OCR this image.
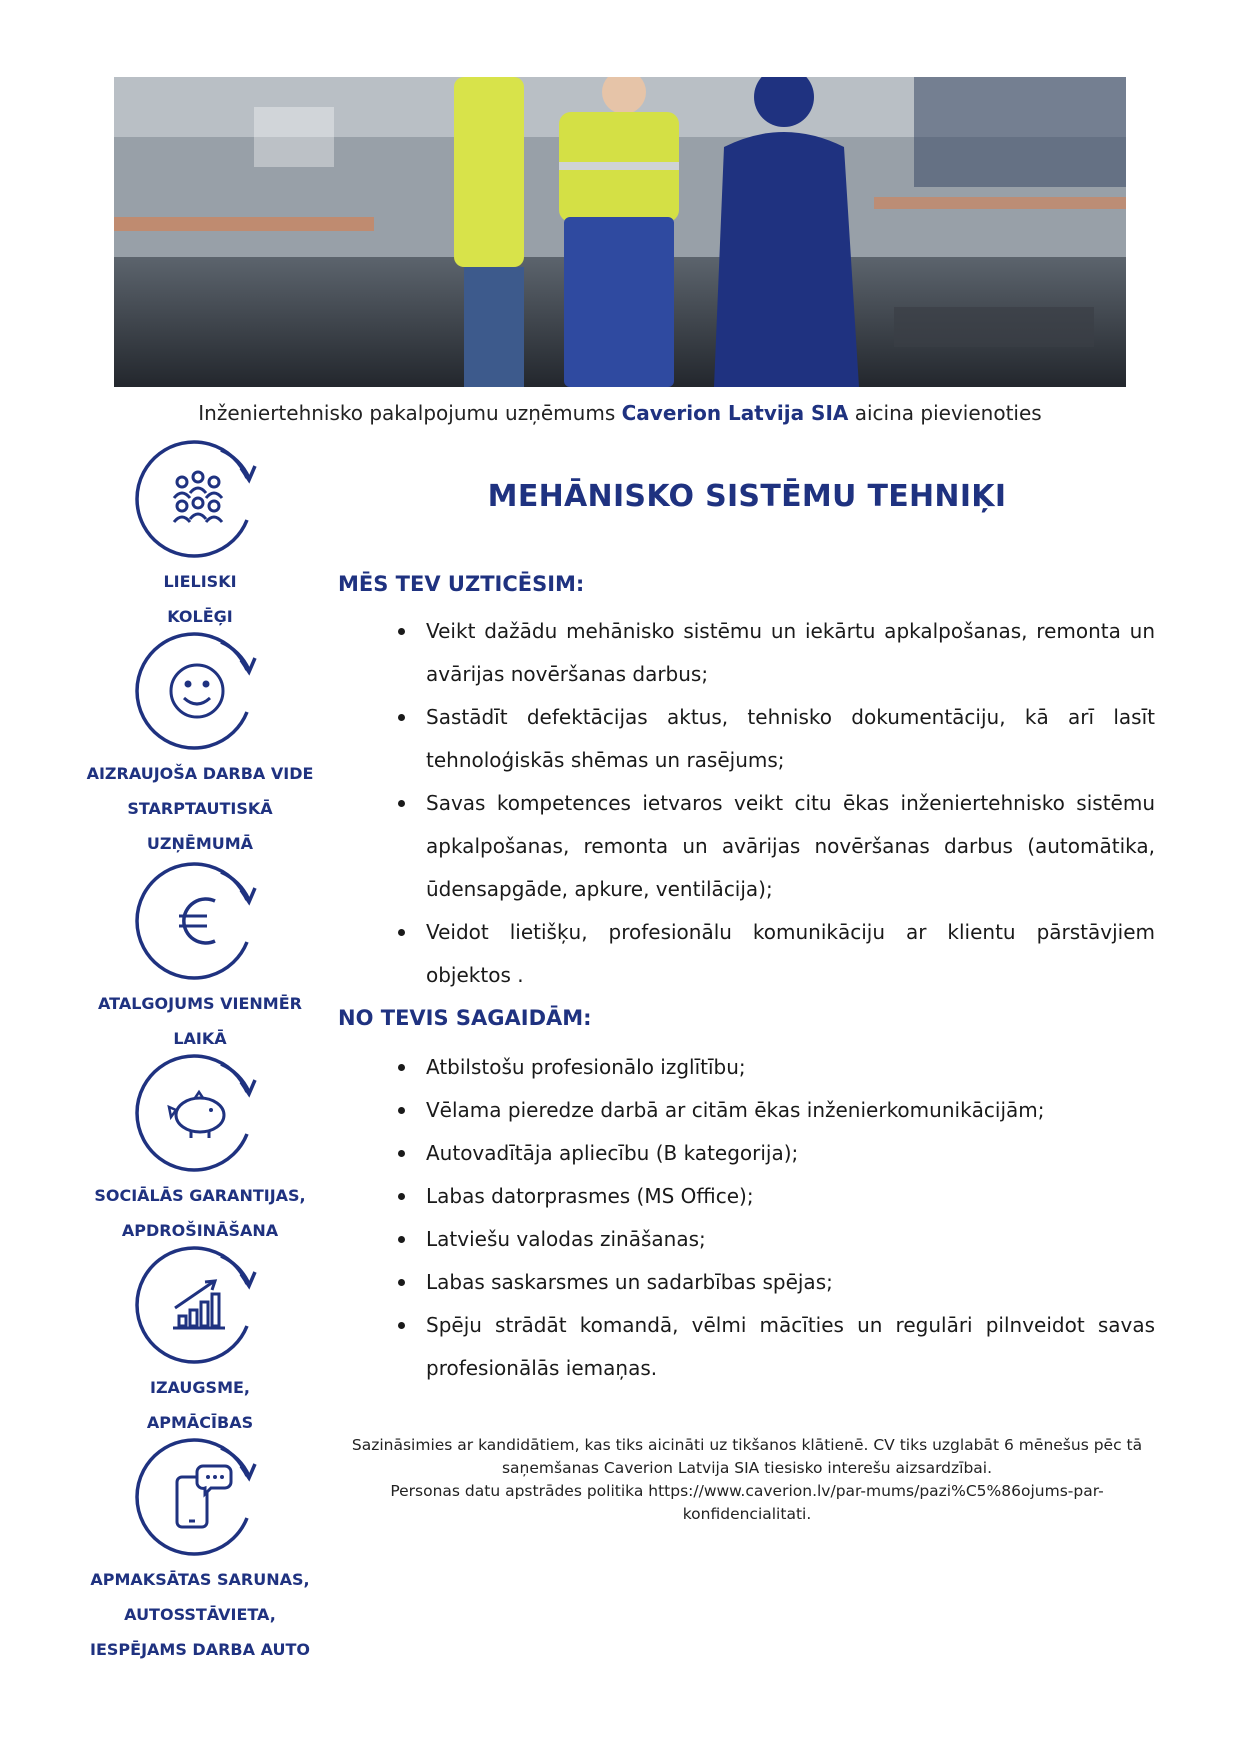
Inženiertehnisko pakalpojumu uzņēmums Caverion Latvija SIA aicina pievienoties
LIELISKI
KOLĒĢI
AIZRAUJOŠA DARBA VIDE
STARPTAUTISKĀ
UZŅĒMUMĀ
ATALGOJUMS VIENMĒR
LAIKĀ
SOCIĀLĀS GARANTIJAS,
APDROŠINĀŠANA
IZAUGSME,
APMĀCĪBAS
APMAKSĀTAS SARUNAS,
AUTOSSTĀVIETA,
IESPĒJAMS DARBA AUTO
MEHĀNISKO SISTĒMU TEHNIĶI
MĒS TEV UZTICĒSIM:
Veikt dažādu mehānisko sistēmu un iekārtu apkalpošanas, remonta un avārijas novēršanas darbus;
Sastādīt defektācijas aktus, tehnisko dokumentāciju, kā arī lasīt tehnoloģiskās shēmas un rasējums;
Savas kompetences ietvaros veikt citu ēkas inženiertehnisko sistēmu apkalpošanas, remonta un avārijas novēršanas darbus (automātika, ūdensapgāde, apkure, ventilācija);
Veidot lietišķu, profesionālu komunikāciju ar klientu pārstāvjiem objektos .
NO TEVIS SAGAIDĀM:
Atbilstošu profesionālo izglītību;
Vēlama pieredze darbā ar citām ēkas inženierkomunikācijām;
Autovadītāja apliecību (B kategorija);
Labas datorprasmes (MS Office);
Latviešu valodas zināšanas;
Labas saskarsmes un sadarbības spējas;
Spēju strādāt komandā, vēlmi mācīties un regulāri pilnveidot savas profesionālās iemaņas.
Sazināsimies ar kandidātiem, kas tiks aicināti uz tikšanos klātienē. CV tiks uzglabāt 6 mēnešus pēc tā saņemšanas Caverion Latvija SIA tiesisko interešu aizsardzībai.
Personas datu apstrādes politika https://www.caverion.lv/par-mums/pazi%C5%86ojums-par-konfidencialitati.
